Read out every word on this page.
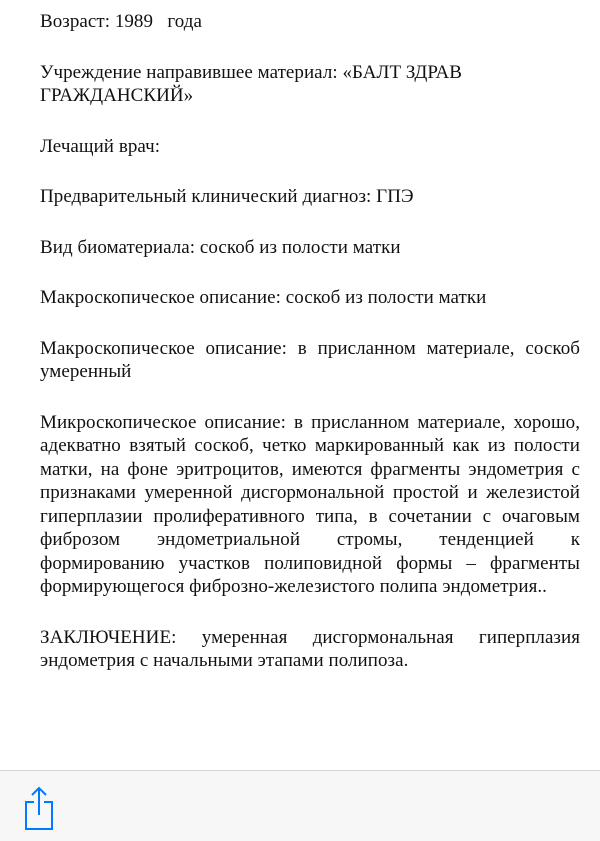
Возраст: 1989   года

Учреждение направившее материал: «БАЛТ ЗДРАВ ГРАЖДАНСКИЙ»

Лечащий врач:

Предварительный клинический диагноз: ГПЭ

Вид биоматериала: соскоб из полости матки

Макроскопическое описание: соскоб из полости матки

Макроскопическое описание: в присланном материале, соскоб умеренный

Микроскопическое описание: в присланном материале, хорошо, адекватно взятый соскоб, четко маркированный как из полости матки, на фоне эритроцитов, имеются фрагменты эндометрия с признаками умеренной дисгормональной простой и железистой гиперплазии пролиферативного типа, в сочетании с очаговым фиброзом эндометриальной стромы, тенденцией к формированию участков полиповидной формы – фрагменты формирующегося фиброзно-железистого полипа эндометрия..

ЗАКЛЮЧЕНИЕ: умеренная дисгормональная гиперплазия эндометрия с начальными этапами полипоза.
